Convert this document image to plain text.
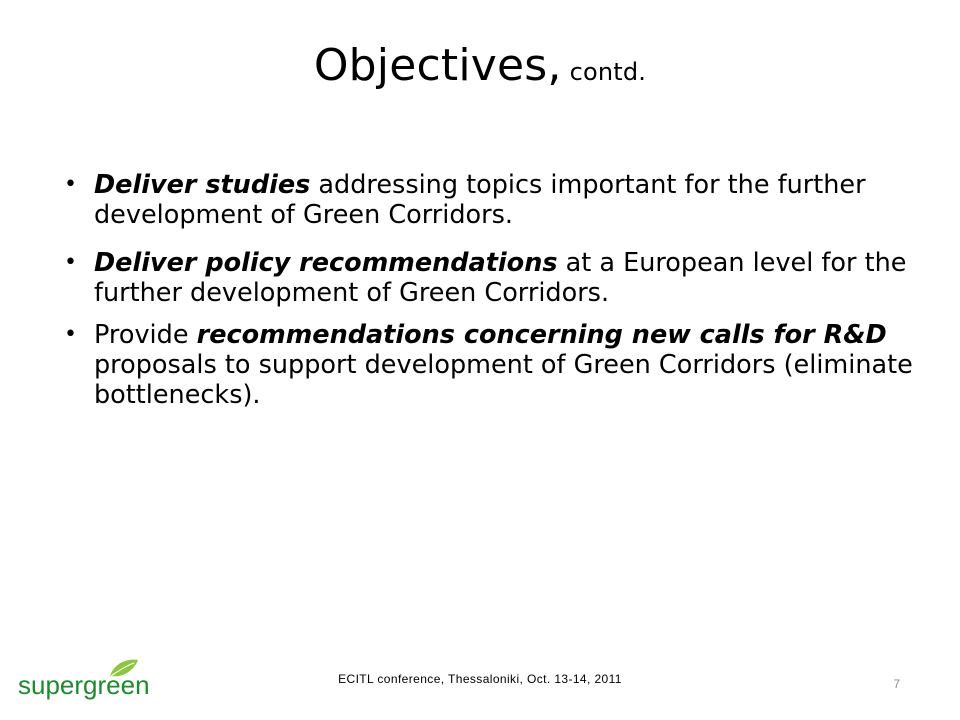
Objectives, contd.
• Deliver studies addressing topics important for the further development of Green Corridors.
• Deliver policy recommendations at a European level for the further development of Green Corridors.
• Provide recommendations concerning new calls for R&D proposals to support development of Green Corridors (eliminate bottlenecks).
supergreen	ECITL conference, Thessaloniki, Oct. 13-14, 2011	7
